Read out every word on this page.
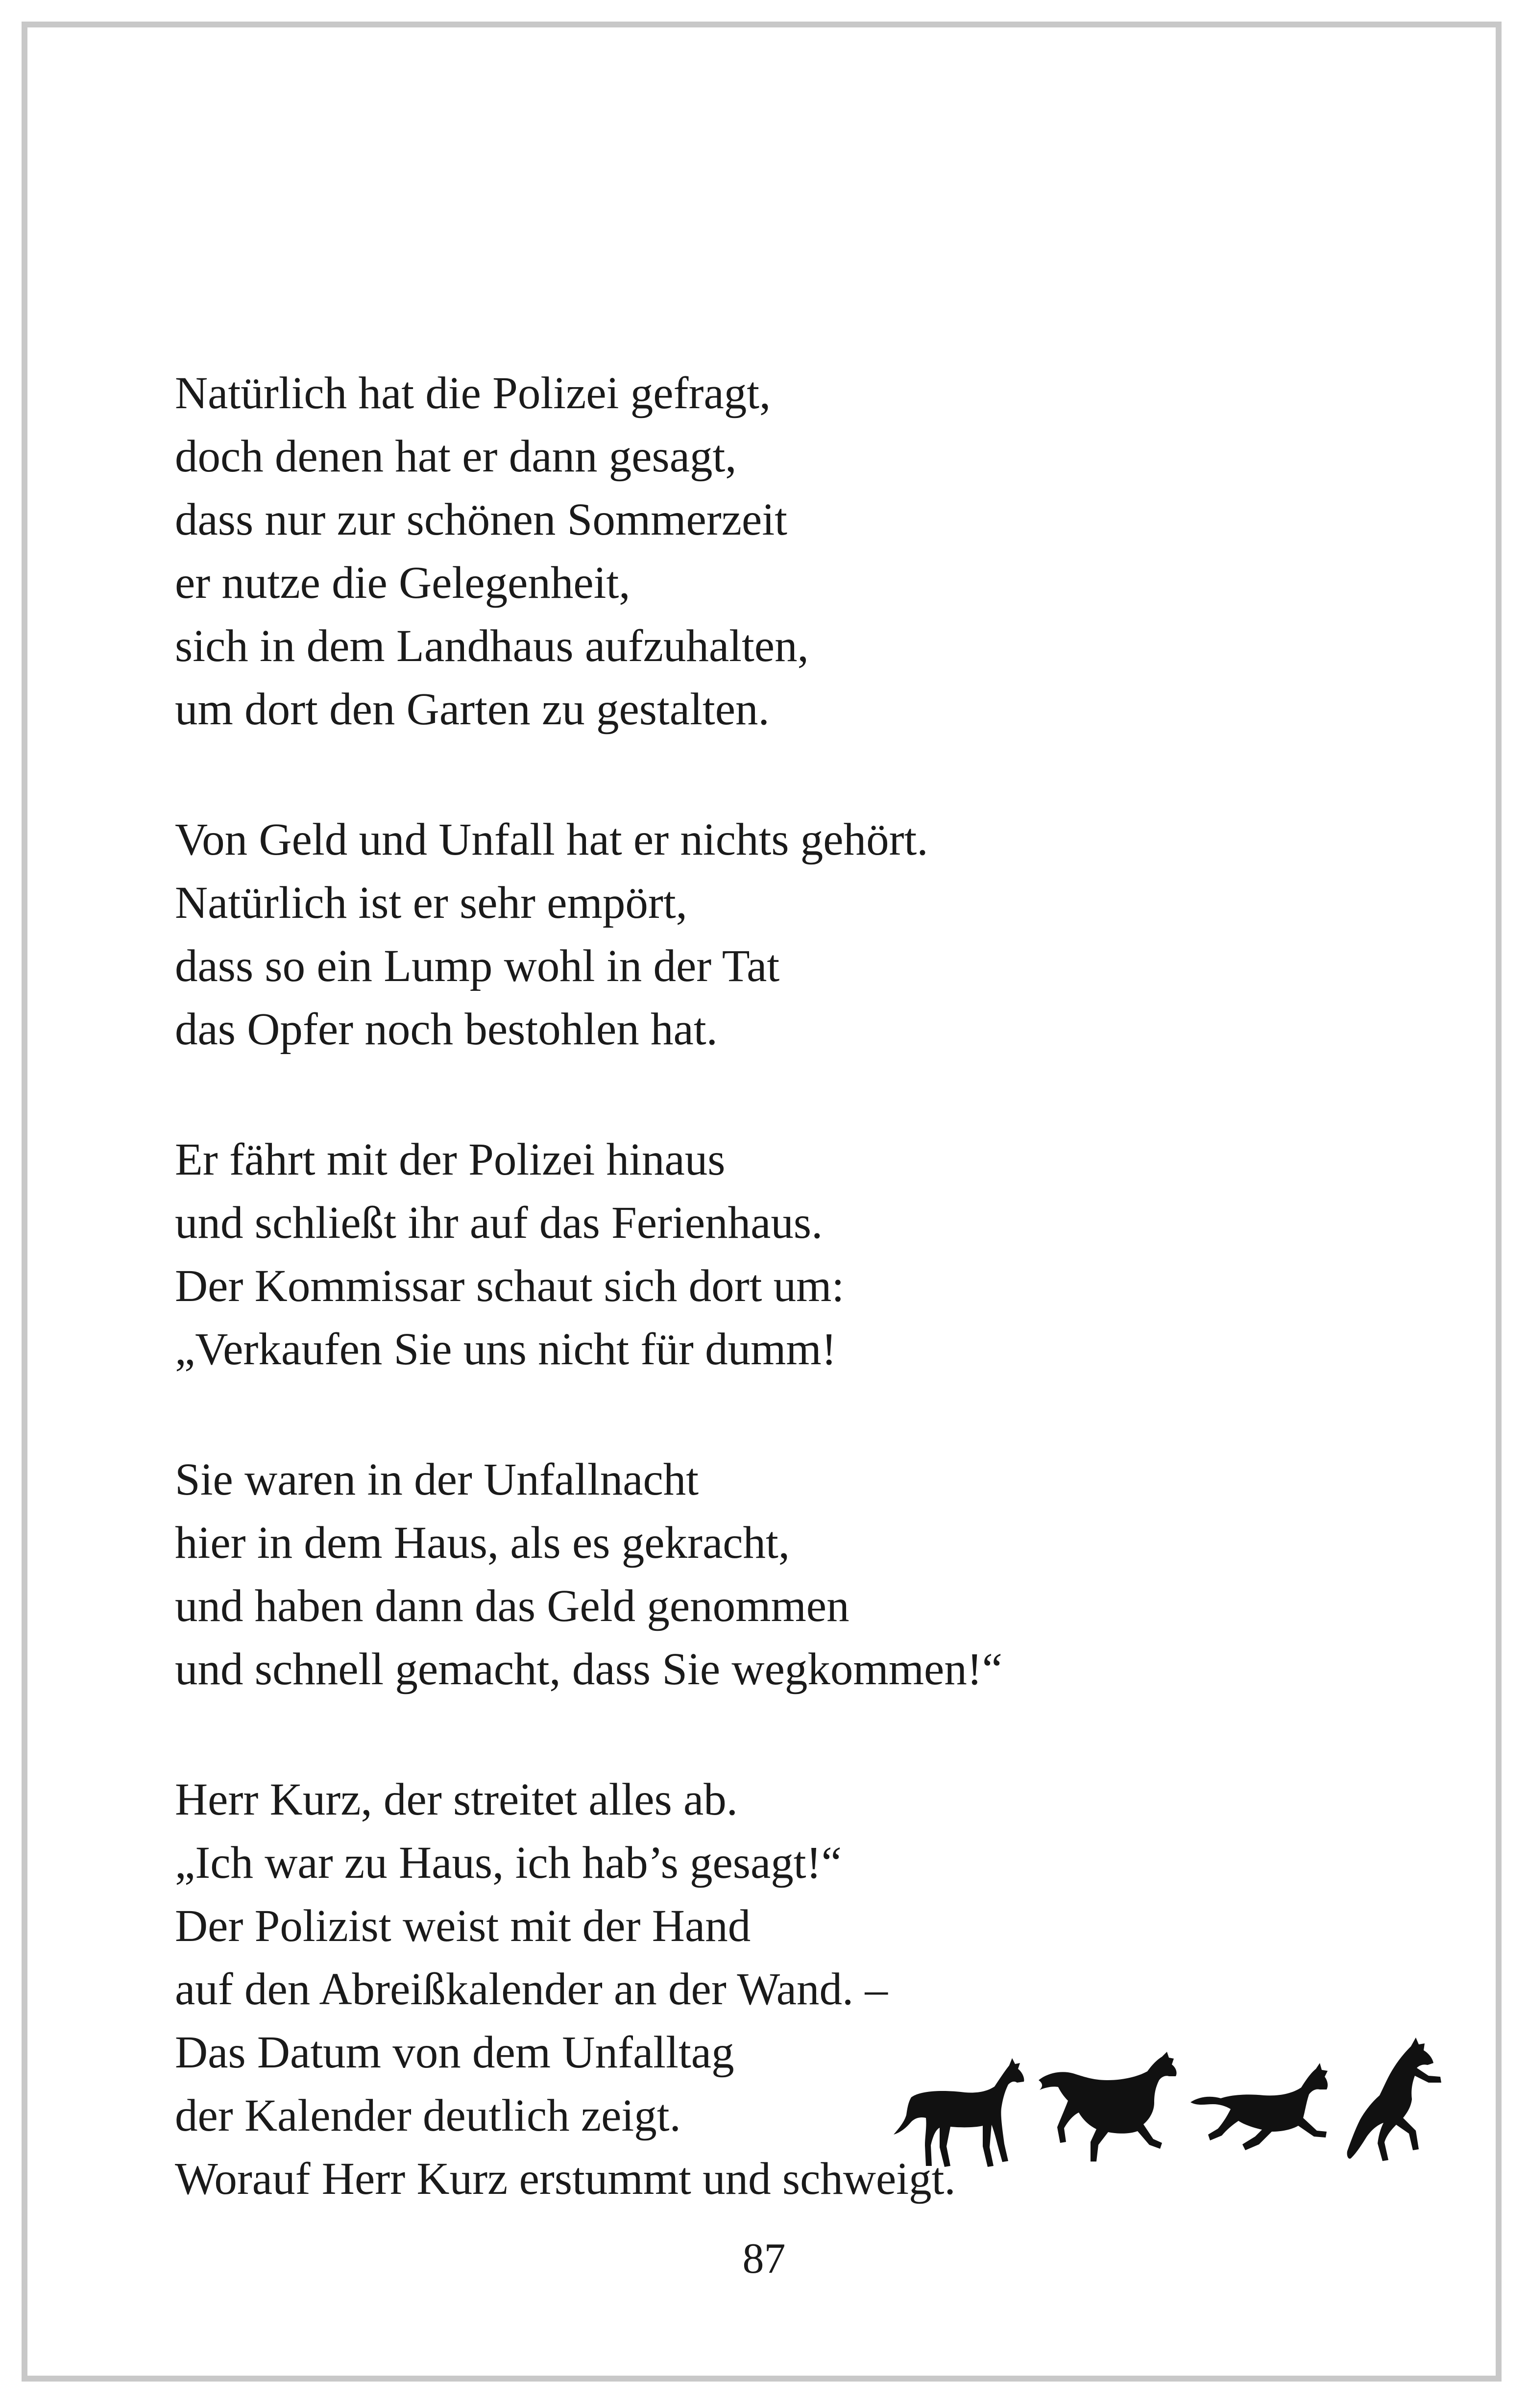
Natürlich hat die Polizei gefragt,
doch denen hat er dann gesagt,
dass nur zur schönen Sommerzeit
er nutze die Gelegenheit,
sich in dem Landhaus aufzuhalten,
um dort den Garten zu gestalten.
Von Geld und Unfall hat er nichts gehört.
Natürlich ist er sehr empört,
dass so ein Lump wohl in der Tat
das Opfer noch bestohlen hat.
Er fährt mit der Polizei hinaus
und schließt ihr auf das Ferienhaus.
Der Kommissar schaut sich dort um:
„Verkaufen Sie uns nicht für dumm!
Sie waren in der Unfallnacht
hier in dem Haus, als es gekracht,
und haben dann das Geld genommen
und schnell gemacht, dass Sie wegkommen!“
Herr Kurz, der streitet alles ab.
„Ich war zu Haus, ich hab’s gesagt!“
Der Polizist weist mit der Hand
auf den Abreißkalender an der Wand. –
Das Datum von dem Unfalltag
der Kalender deutlich zeigt.
Worauf Herr Kurz erstummt und schweigt.
87
